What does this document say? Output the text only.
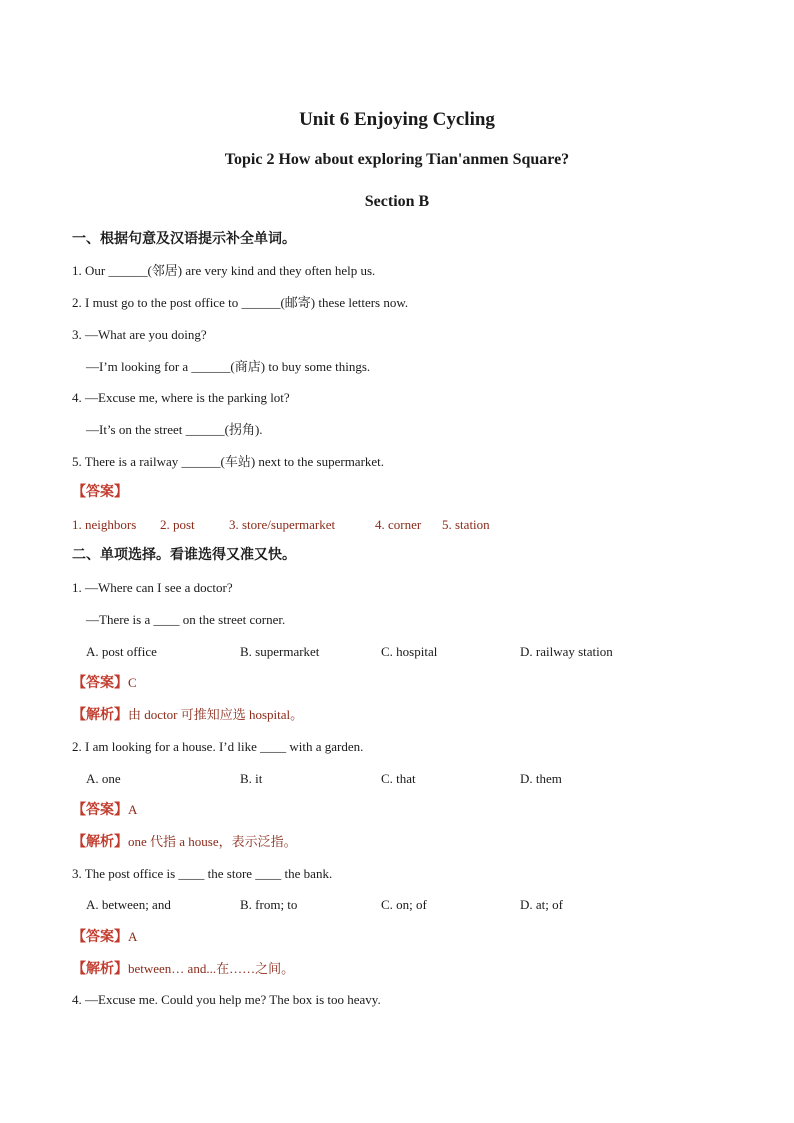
Unit 6 Enjoying Cycling
Topic 2 How about exploring Tian'anmen Square?
Section B
一、根据句意及汉语提示补全单词。
1. Our ______(邻居) are very kind and they often help us.
2. I must go to the post office to ______(邮寄) these letters now.
3. —What are you doing?
—I’m looking for a ______(商店) to buy some things.
4. —Excuse me, where is the parking lot?
—It’s on the street ______(拐角).
5. There is a railway ______(车站) next to the supermarket.
【答案】
1. neighbors 2. post	3. store/supermarket	4. corner 5. station
二、单项选择。看谁选得又准又快。
1. —Where can I see a doctor?
—There is a ____ on the street corner.
A. post office	B. supermarket	C. hospital	D. railway station
【答案】C
【解析】由 doctor 可推知应选 hospital。
2. I am looking for a house. I’d like ____ with a garden.
A. one	B. it	C. that	D. them
【答案】A
【解析】one 代指 a house，表示泛指。
3. The post office is ____ the store ____ the bank.
A. between; and	B. from; to	C. on; of	D. at; of
【答案】A
【解析】between… and...在……之间。
4. —Excuse me. Could you help me? The box is too heavy.
